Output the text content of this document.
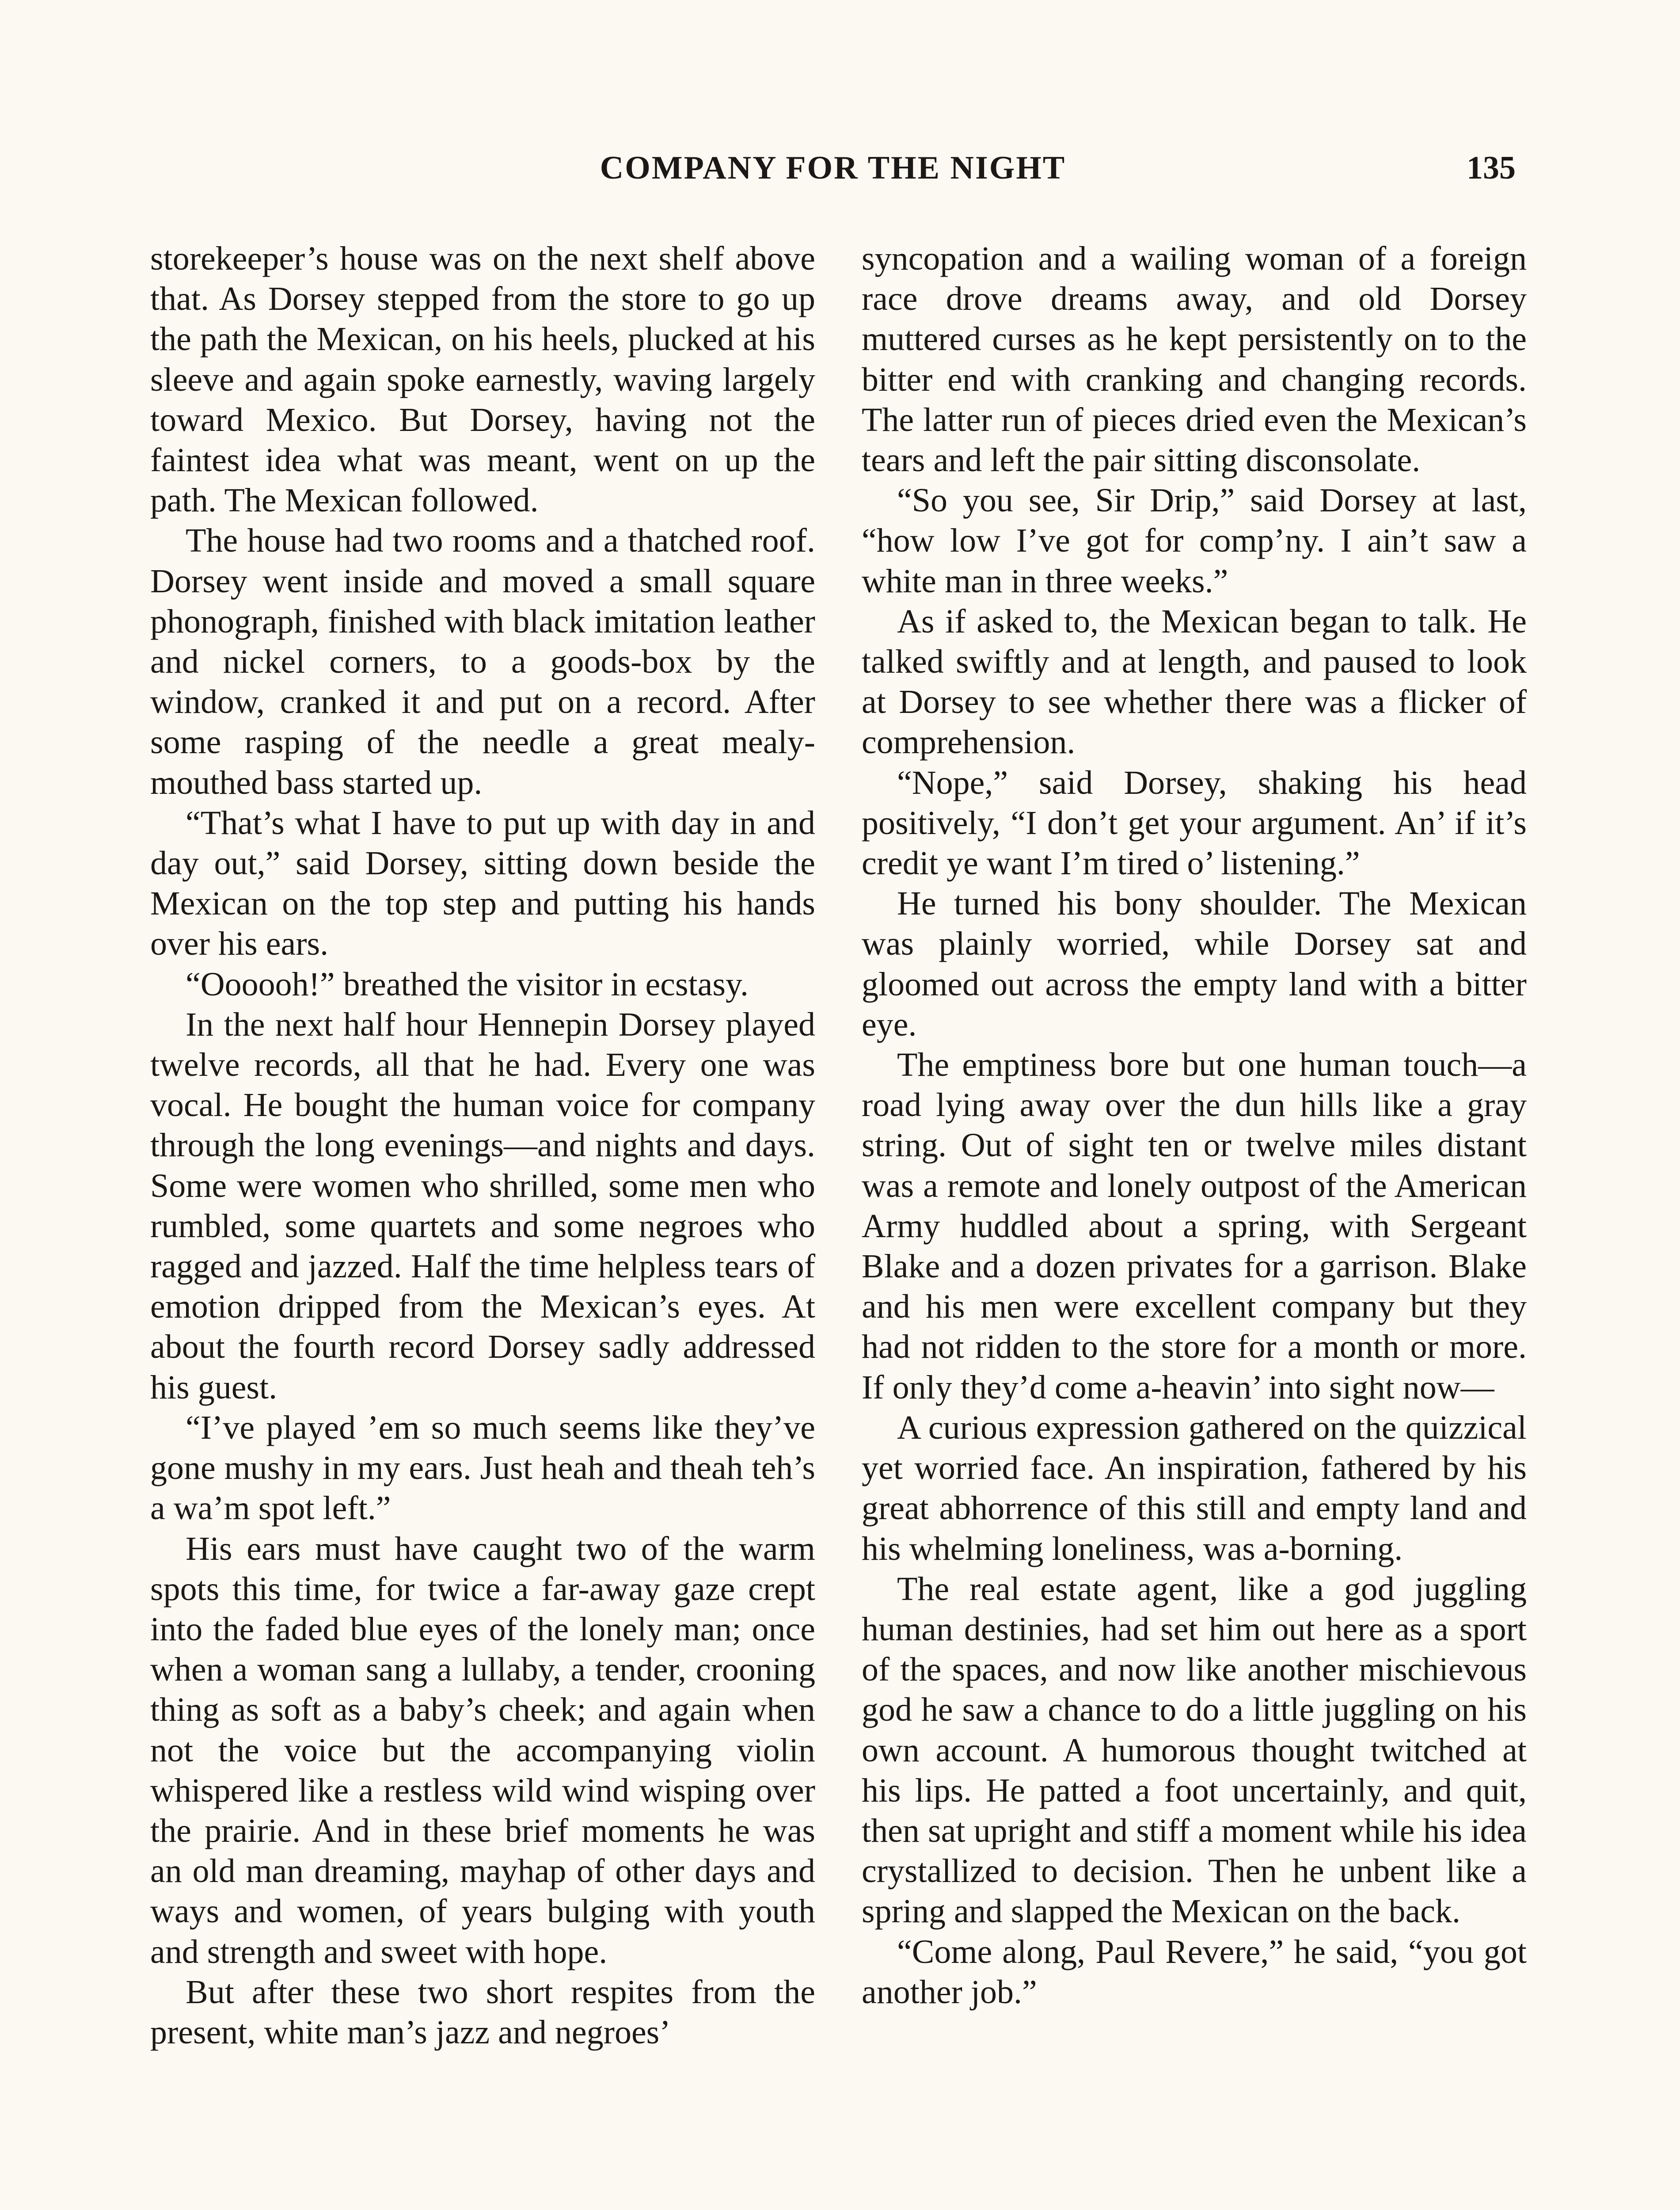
COMPANY FOR THE NIGHT	135

storekeeper’s house was on the next shelf above that. As Dorsey stepped from the store to go up the path the Mexican, on his heels, plucked at his sleeve and again spoke earnestly, waving largely toward Mexico. But Dorsey, having not the faintest idea what was meant, went on up the path. The Mexican followed.

The house had two rooms and a thatched roof. Dorsey went inside and moved a small square phonograph, finished with black imitation leather and nickel corners, to a goods-box by the window, cranked it and put on a record. After some rasping of the needle a great mealy-mouthed bass started up.

“That’s what I have to put up with day in and day out,” said Dorsey, sitting down beside the Mexican on the top step and putting his hands over his ears.

“Oooooh!” breathed the visitor in ecstasy.

In the next half hour Hennepin Dorsey played twelve records, all that he had. Every one was vocal. He bought the human voice for company through the long evenings—and nights and days. Some were women who shrilled, some men who rumbled, some quartets and some negroes who ragged and jazzed. Half the time helpless tears of emotion dripped from the Mexican’s eyes. At about the fourth record Dorsey sadly addressed his guest.

“I’ve played ’em so much seems like they’ve gone mushy in my ears. Just heah and theah teh’s a wa’m spot left.”

His ears must have caught two of the warm spots this time, for twice a far-away gaze crept into the faded blue eyes of the lonely man; once when a woman sang a lullaby, a tender, crooning thing as soft as a baby’s cheek; and again when not the voice but the accompanying violin whispered like a restless wild wind wisping over the prairie. And in these brief moments he was an old man dreaming, mayhap of other days and ways and women, of years bulging with youth and strength and sweet with hope.

But after these two short respites from the present, white man’s jazz and negroes’

syncopation and a wailing woman of a foreign race drove dreams away, and old Dorsey muttered curses as he kept persistently on to the bitter end with cranking and changing records. The latter run of pieces dried even the Mexican’s tears and left the pair sitting disconsolate.

“So you see, Sir Drip,” said Dorsey at last, “how low I’ve got for comp’ny. I ain’t saw a white man in three weeks.”

As if asked to, the Mexican began to talk. He talked swiftly and at length, and paused to look at Dorsey to see whether there was a flicker of comprehension.

“Nope,” said Dorsey, shaking his head positively, “I don’t get your argument. An’ if it’s credit ye want I’m tired o’ listening.”

He turned his bony shoulder. The Mexican was plainly worried, while Dorsey sat and gloomed out across the empty land with a bitter eye.

The emptiness bore but one human touch—a road lying away over the dun hills like a gray string. Out of sight ten or twelve miles distant was a remote and lonely outpost of the American Army huddled about a spring, with Sergeant Blake and a dozen privates for a garrison. Blake and his men were excellent company but they had not ridden to the store for a month or more. If only they’d come a-heavin’ into sight now—

A curious expression gathered on the quizzical yet worried face. An inspiration, fathered by his great abhorrence of this still and empty land and his whelming loneliness, was a-borning.

The real estate agent, like a god juggling human destinies, had set him out here as a sport of the spaces, and now like another mischievous god he saw a chance to do a little juggling on his own account. A humorous thought twitched at his lips. He patted a foot uncertainly, and quit, then sat upright and stiff a moment while his idea crystallized to decision. Then he unbent like a spring and slapped the Mexican on the back.

“Come along, Paul Revere,” he said, “you got another job.”
